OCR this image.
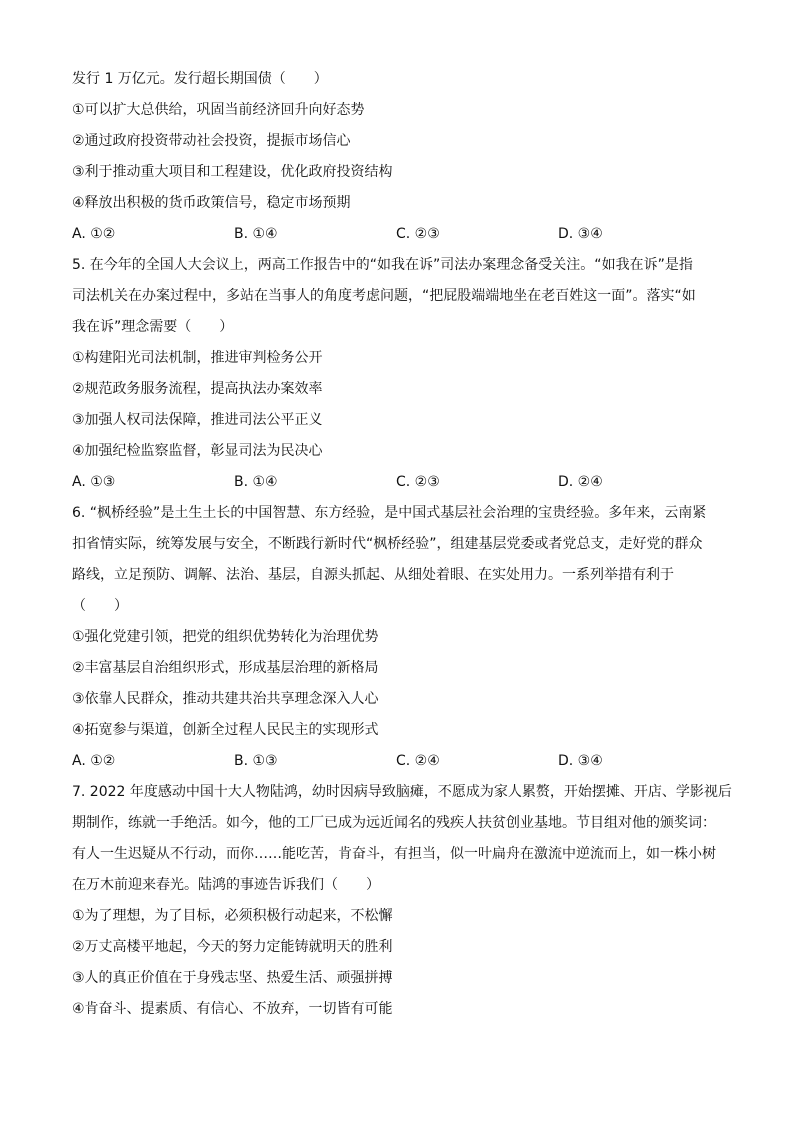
发行 1 万亿元。发行超长期国债（　　）
①可以扩大总供给，巩固当前经济回升向好态势
②通过政府投资带动社会投资，提振市场信心
③利于推动重大项目和工程建设，优化政府投资结构
④释放出积极的货币政策信号，稳定市场预期
A. ①②	B. ①④	C. ②③	D. ③④
5. 在今年的全国人大会议上，两高工作报告中的“如我在诉”司法办案理念备受关注。“如我在诉”是指
司法机关在办案过程中，多站在当事人的角度考虑问题，“把屁股端端地坐在老百姓这一面”。落实“如
我在诉”理念需要（　　）
①构建阳光司法机制，推进审判检务公开
②规范政务服务流程，提高执法办案效率
③加强人权司法保障，推进司法公平正义
④加强纪检监察监督，彰显司法为民决心
A. ①③	B. ①④	C. ②③	D. ②④
6. “枫桥经验”是土生土长的中国智慧、东方经验，是中国式基层社会治理的宝贵经验。多年来，云南紧
扣省情实际，统筹发展与安全，不断践行新时代“枫桥经验”，组建基层党委或者党总支，走好党的群众
路线，立足预防、调解、法治、基层，自源头抓起、从细处着眼、在实处用力。一系列举措有利于
（　　）
①强化党建引领，把党的组织优势转化为治理优势
②丰富基层自治组织形式，形成基层治理的新格局
③依靠人民群众，推动共建共治共享理念深入人心
④拓宽参与渠道，创新全过程人民民主的实现形式
A. ①②	B. ①③	C. ②④	D. ③④
7. 2022 年度感动中国十大人物陆鸿，幼时因病导致脑瘫，不愿成为家人累赘，开始摆摊、开店、学影视后
期制作，练就一手绝活。如今，他的工厂已成为远近闻名的残疾人扶贫创业基地。节目组对他的颁奖词：
有人一生迟疑从不行动，而你……能吃苦，肯奋斗，有担当，似一叶扁舟在激流中逆流而上，如一株小树
在万木前迎来春光。陆鸿的事迹告诉我们（　　）
①为了理想，为了目标，必须积极行动起来，不松懈
②万丈高楼平地起，今天的努力定能铸就明天的胜利
③人的真正价值在于身残志坚、热爱生活、顽强拼搏
④肯奋斗、提素质、有信心、不放弃，一切皆有可能
